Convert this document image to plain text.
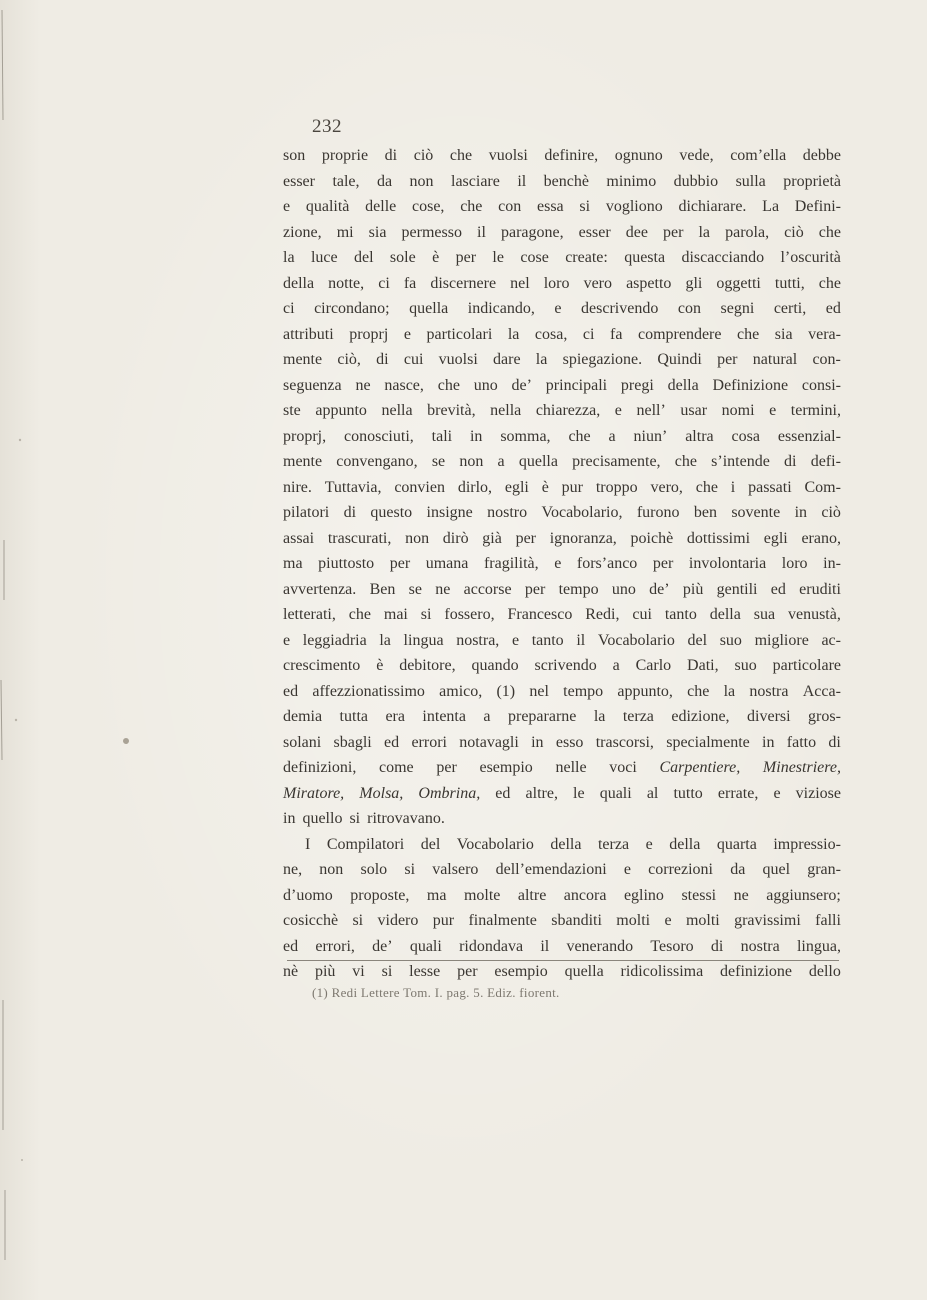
232
son proprie di ciò che vuolsi definire, ognuno vede, com’ella debbe
esser tale, da non lasciare il benchè minimo dubbio sulla proprietà
e qualità delle cose, che con essa si vogliono dichiarare. La Defini-
zione, mi sia permesso il paragone, esser dee per la parola, ciò che
la luce del sole è per le cose create: questa discacciando l’oscurità
della notte, ci fa discernere nel loro vero aspetto gli oggetti tutti, che
ci circondano; quella indicando, e descrivendo con segni certi, ed
attributi proprj e particolari la cosa, ci fa comprendere che sia vera-
mente ciò, di cui vuolsi dare la spiegazione. Quindi per natural con-
seguenza ne nasce, che uno de’ principali pregi della Definizione consi-
ste appunto nella brevità, nella chiarezza, e nell’ usar nomi e termini,
proprj, conosciuti, tali in somma, che a niun’ altra cosa essenzial-
mente convengano, se non a quella precisamente, che s’intende di defi-
nire. Tuttavia, convien dirlo, egli è pur troppo vero, che i passati Com-
pilatori di questo insigne nostro Vocabolario, furono ben sovente in ciò
assai trascurati, non dirò già per ignoranza, poichè dottissimi egli erano,
ma piuttosto per umana fragilità, e fors’anco per involontaria loro in-
avvertenza. Ben se ne accorse per tempo uno de’ più gentili ed eruditi
letterati, che mai si fossero, Francesco Redi, cui tanto della sua venustà,
e leggiadria la lingua nostra, e tanto il Vocabolario del suo migliore ac-
crescimento è debitore, quando scrivendo a Carlo Dati, suo particolare
ed affezzionatissimo amico, (1) nel tempo appunto, che la nostra Acca-
demia tutta era intenta a prepararne la terza edizione, diversi gros-
solani sbagli ed errori notavagli in esso trascorsi, specialmente in fatto di
definizioni, come per esempio nelle voci Carpentiere, Minestriere,
Miratore, Molsa, Ombrina, ed altre, le quali al tutto errate, e viziose
in quello si ritrovavano.
I Compilatori del Vocabolario della terza e della quarta impressio-
ne, non solo si valsero dell’emendazioni e correzioni da quel gran-
d’uomo proposte, ma molte altre ancora eglino stessi ne aggiunsero;
cosicchè si videro pur finalmente sbanditi molti e molti gravissimi falli
ed errori, de’ quali ridondava il venerando Tesoro di nostra lingua,
nè più vi si lesse per esempio quella ridicolissima definizione dello
(1) Redi Lettere Tom. I. pag. 5. Ediz. fiorent.
